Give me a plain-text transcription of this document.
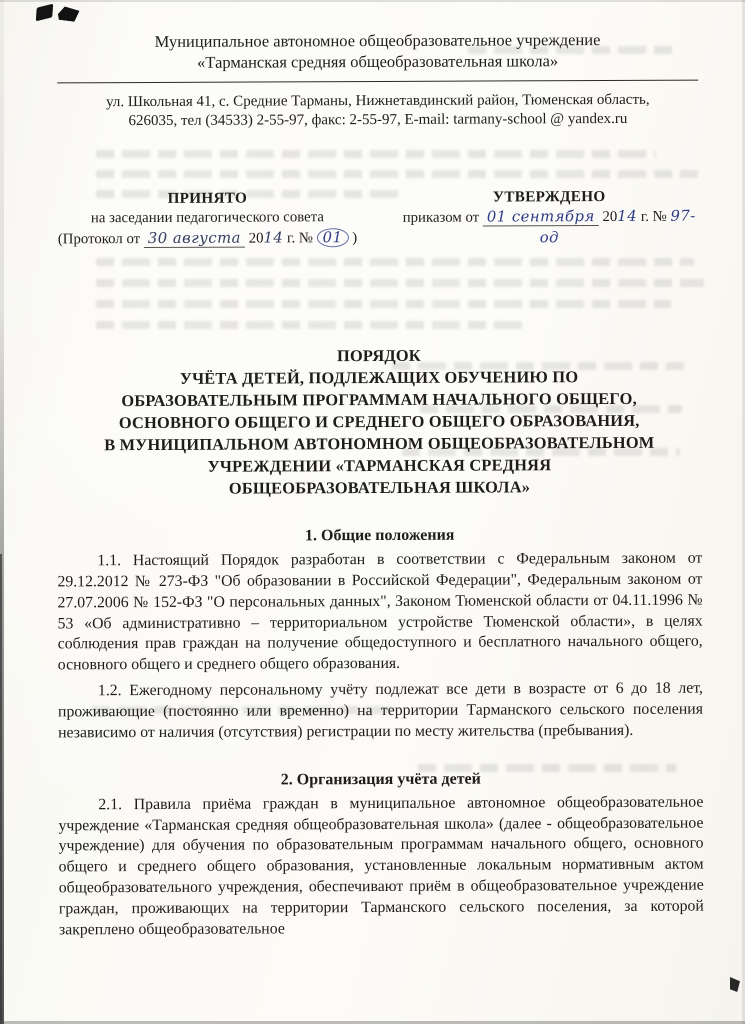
Муниципальное автономное общеобразовательное учреждение
«Тарманская средняя общеобразовательная школа»
ул. Школьная 41, с. Средние Тарманы, Нижнетавдинский район, Тюменская область,
626035, тел (34533) 2-55-97, факс: 2-55-97, E-mail: tarmany-school @ yandex.ru
ПРИНЯТО
на заседании педагогического совета
(Протокол от 30 августа 2014 г. № 01 )
УТВЕРЖДЕНО
приказом от 01 сентября 2014 г. № 97-од
ПОРЯДОК
УЧЁТА ДЕТЕЙ, ПОДЛЕЖАЩИХ ОБУЧЕНИЮ ПО
ОБРАЗОВАТЕЛЬНЫМ ПРОГРАММАМ НАЧАЛЬНОГО ОБЩЕГО,
ОСНОВНОГО ОБЩЕГО И СРЕДНЕГО ОБЩЕГО ОБРАЗОВАНИЯ,
В МУНИЦИПАЛЬНОМ АВТОНОМНОМ ОБЩЕОБРАЗОВАТЕЛЬНОМ
УЧРЕЖДЕНИИ «ТАРМАНСКАЯ СРЕДНЯЯ
ОБЩЕОБРАЗОВАТЕЛЬНАЯ ШКОЛА»
1. Общие положения

1.1. Настоящий Порядок разработан в соответствии с Федеральным законом от 29.12.2012 № 273-ФЗ "Об образовании в Российской Федерации", Федеральным законом от 27.07.2006 № 152-ФЗ "О персональных данных", Законом Тюменской области от 04.11.1996 № 53 «Об административно – территориальном устройстве Тюменской области», в целях соблюдения прав граждан на получение общедоступного и бесплатного начального общего, основного общего и среднего общего образования.

1.2. Ежегодному персональному учёту подлежат все дети в возрасте от 6 до 18 лет, проживающие (постоянно или временно) на территории Тарманского сельского поселения независимо от наличия (отсутствия) регистрации по месту жительства (пребывания).

2. Организация учёта детей

2.1. Правила приёма граждан в муниципальное автономное общеобразовательное учреждение «Тарманская средняя общеобразовательная школа» (далее - общеобразовательное учреждение) для обучения по образовательным программам начального общего, основного общего и среднего общего образования, установленные локальным нормативным актом общеобразовательного учреждения, обеспечивают приём в общеобразовательное учреждение граждан, проживающих на территории Тарманского сельского поселения, за которой закреплено общеобразовательное
